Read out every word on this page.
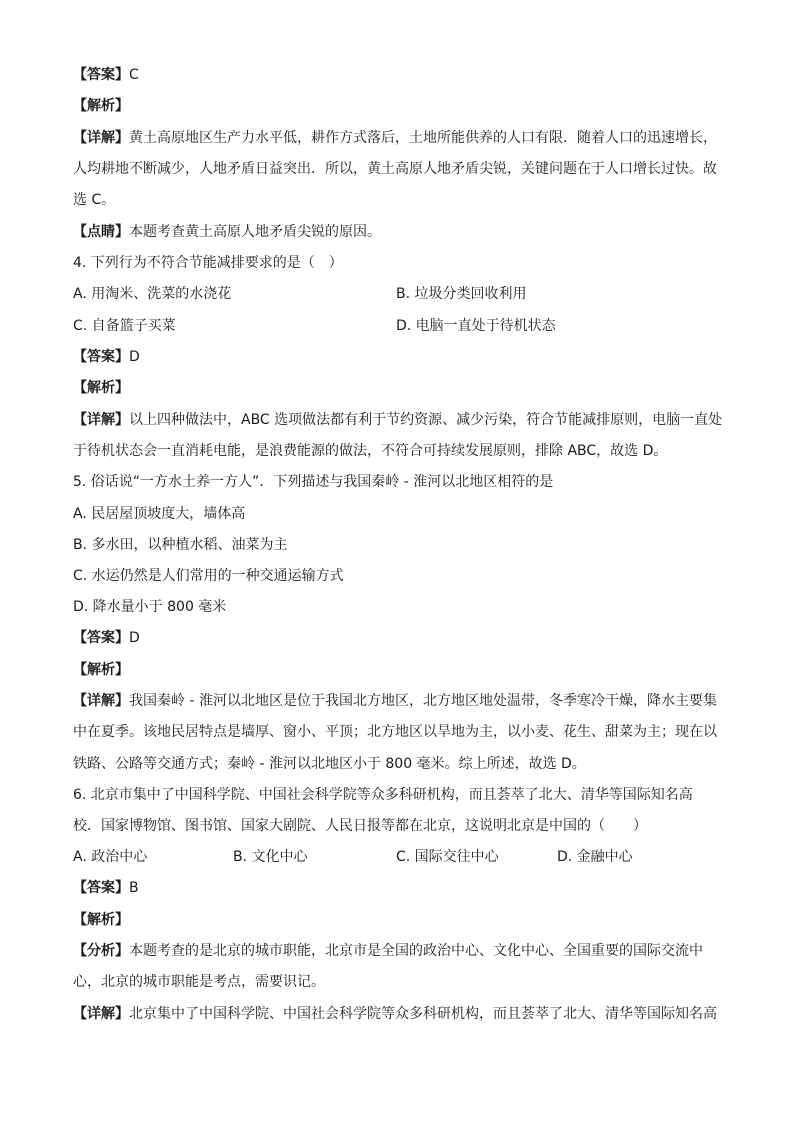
【答案】C
【解析】
【详解】黄土高原地区生产力水平低，耕作方式落后，土地所能供养的人口有限．随着人口的迅速增长，
人均耕地不断减少，人地矛盾日益突出．所以，黄土高原人地矛盾尖锐，关键问题在于人口增长过快。故
选 C。
【点睛】本题考查黄土高原人地矛盾尖锐的原因。
4. 下列行为不符合节能减排要求的是（　）
A. 用淘米、洗菜的水浇花	B. 垃圾分类回收利用
C. 自备篮子买菜	D. 电脑一直处于待机状态
【答案】D
【解析】
【详解】以上四种做法中，ABC 选项做法都有利于节约资源、减少污染，符合节能减排原则，电脑一直处
于待机状态会一直消耗电能，是浪费能源的做法，不符合可持续发展原则，排除 ABC，故选 D。
5. 俗话说“一方水土养一方人”．下列描述与我国秦岭 - 淮河以北地区相符的是
A. 民居屋顶坡度大，墙体高
B. 多水田，以种植水稻、油菜为主
C. 水运仍然是人们常用的一种交通运输方式
D. 降水量小于 800 毫米
【答案】D
【解析】
【详解】我国秦岭 - 淮河以北地区是位于我国北方地区，北方地区地处温带，冬季寒冷干燥，降水主要集
中在夏季。该地民居特点是墙厚、窗小、平顶；北方地区以旱地为主，以小麦、花生、甜菜为主；现在以
铁路、公路等交通方式；秦岭 - 淮河以北地区小于 800 毫米。综上所述，故选 D。
6. 北京市集中了中国科学院、中国社会科学院等众多科研机构，而且荟萃了北大、清华等国际知名高
校．国家博物馆、图书馆、国家大剧院、人民日报等都在北京，这说明北京是中国的（　　）
A. 政治中心	B. 文化中心	C. 国际交往中心	D. 金融中心
【答案】B
【解析】
【分析】本题考查的是北京的城市职能，北京市是全国的政治中心、文化中心、全国重要的国际交流中
心，北京的城市职能是考点，需要识记。
【详解】北京集中了中国科学院、中国社会科学院等众多科研机构，而且荟萃了北大、清华等国际知名高
